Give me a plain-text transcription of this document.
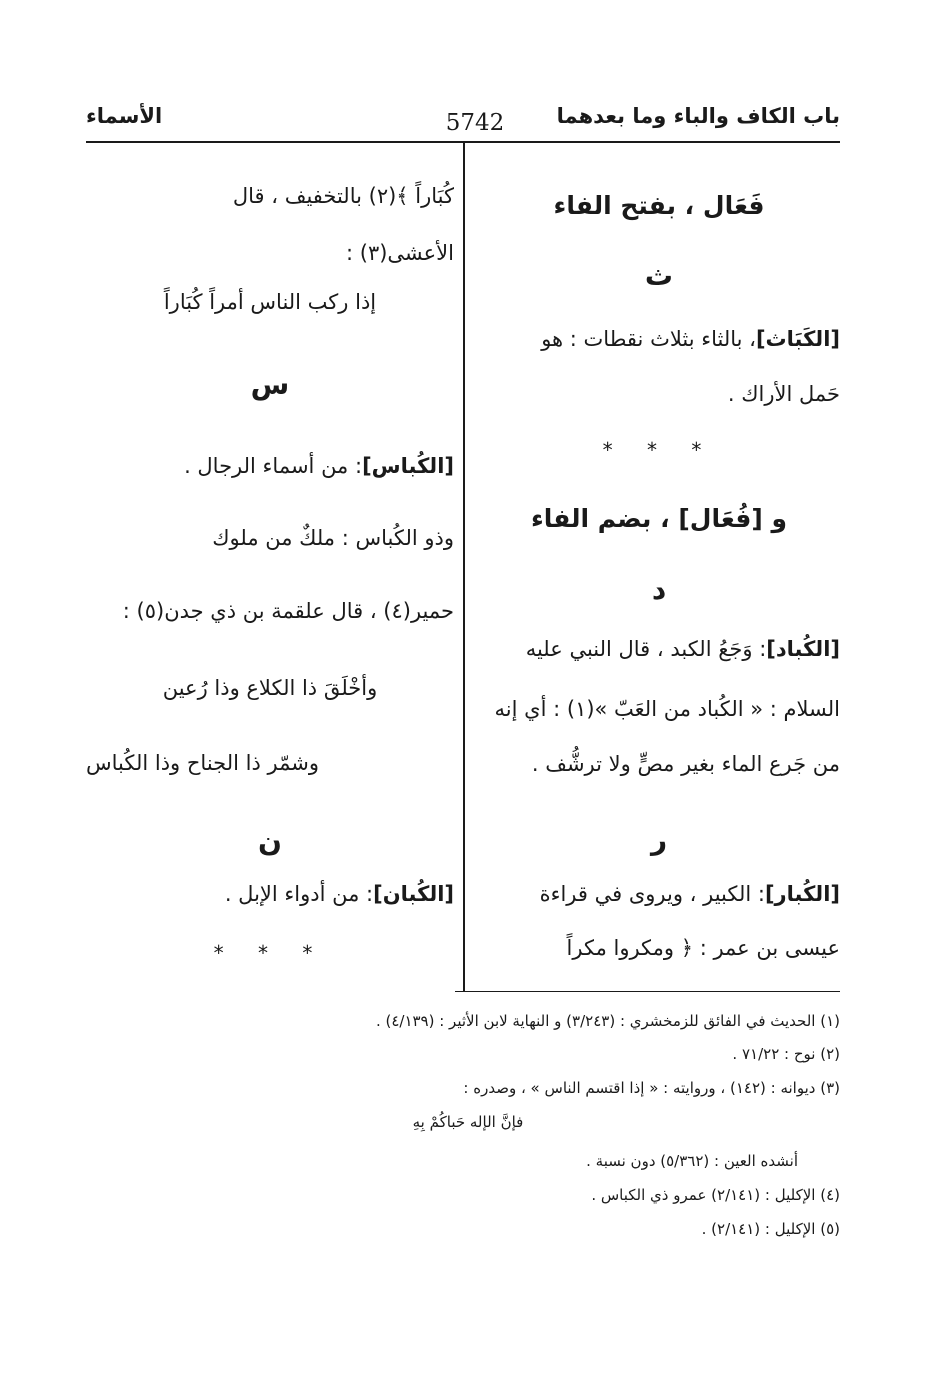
باب الكاف والباء وما بعدهما
5742
الأسماء
فَعَال ، بفتح الفاء
ث
[الكَبَاث]، بالثاء بثلاث نقطات : هو
حَمل الأراك .
* * *
و [فُعَال] ، بضم الفاء
د
[الكُباد]: وَجَعُ الكبد ، قال النبي عليه
السلام : « الكُباد من العَبّ »(١) : أي إنه
من جَرع الماء بغير مصٍّ ولا ترشُّف .
ر
[الكُبار]: الكبير ، ويروى في قراءة
عيسى بن عمر : ﴿ ومكروا مكراً
كُبَاراً ﴾(٢) بالتخفيف ، قال
الأعشى(٣) :
إذا ركب الناس أمراً كُبَاراً
س
[الكُباس]: من أسماء الرجال .
وذو الكُباس : ملكٌ من ملوك
حمير(٤) ، قال علقمة بن ذي جدن(٥) :
وأخْلَقَ ذا الكلاع وذا رُعين
وشمّر ذا الجناح وذا الكُباس
ن
[الكُبان]: من أدواء الإبل .
* * *
(١) الحديث في الفائق للزمخشري : (٣/٢٤٣) و النهاية لابن الأثير : (٤/١٣٩) .
(٢) نوح : ٧١/٢٢ .
(٣) ديوانه : (١٤٢) ، وروايته : « إذا اقتسم الناس » ، وصدره :
فإنَّ الإله حَباكُمْ بِهِ
أنشده العين : (٥/٣٦٢) دون نسبة .
(٤) الإكليل : (٢/١٤١) عمرو ذي الكباس .
(٥) الإكليل : (٢/١٤١) .
